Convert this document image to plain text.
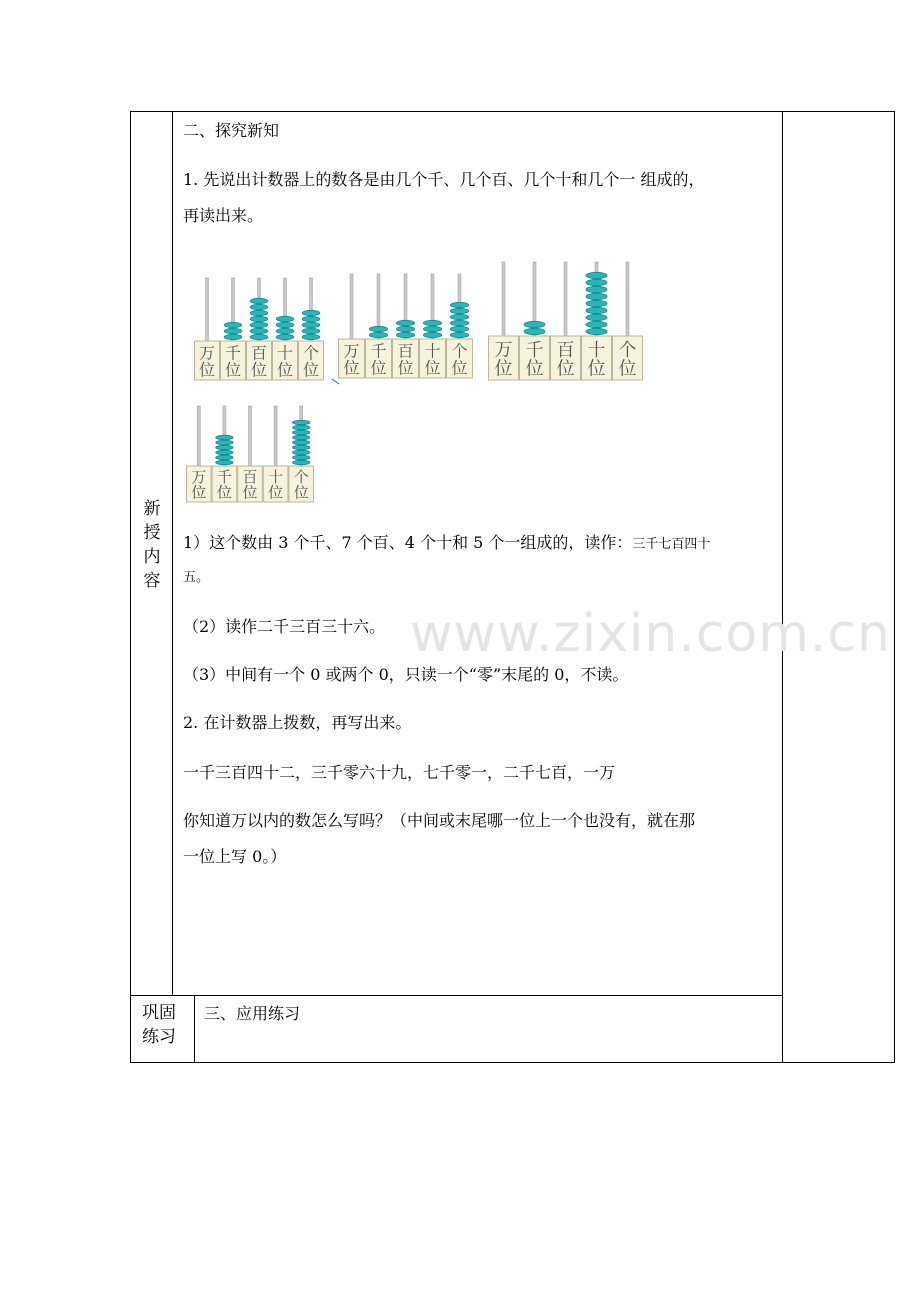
新
授
内
容
巩固练习
www.zixin.com.cn
二、探究新知
1. 先说出计数器上的数各是由几个千、几个百、几个十和几个一 组成的，
再读出来。
万
位
千
位
百
位
十
位
个
位
万
位
千
位
百
位
十
位
个
位
万
位
千
位
百
位
十
位
个
位
万
位
千
位
百
位
十
位
个
位
1）这个数由 3 个千、7 个百、4 个十和 5 个一组成的，读作：三千七百四十
五。
（2）读作二千三百三十六。
（3）中间有一个 0 或两个 0，只读一个“零”末尾的 0，不读。
2. 在计数器上拨数，再写出来。
一千三百四十二，三千零六十九，七千零一，二千七百，一万
你知道万以内的数怎么写吗？（中间或末尾哪一位上一个也没有，就在那
一位上写 0。）
三、应用练习
